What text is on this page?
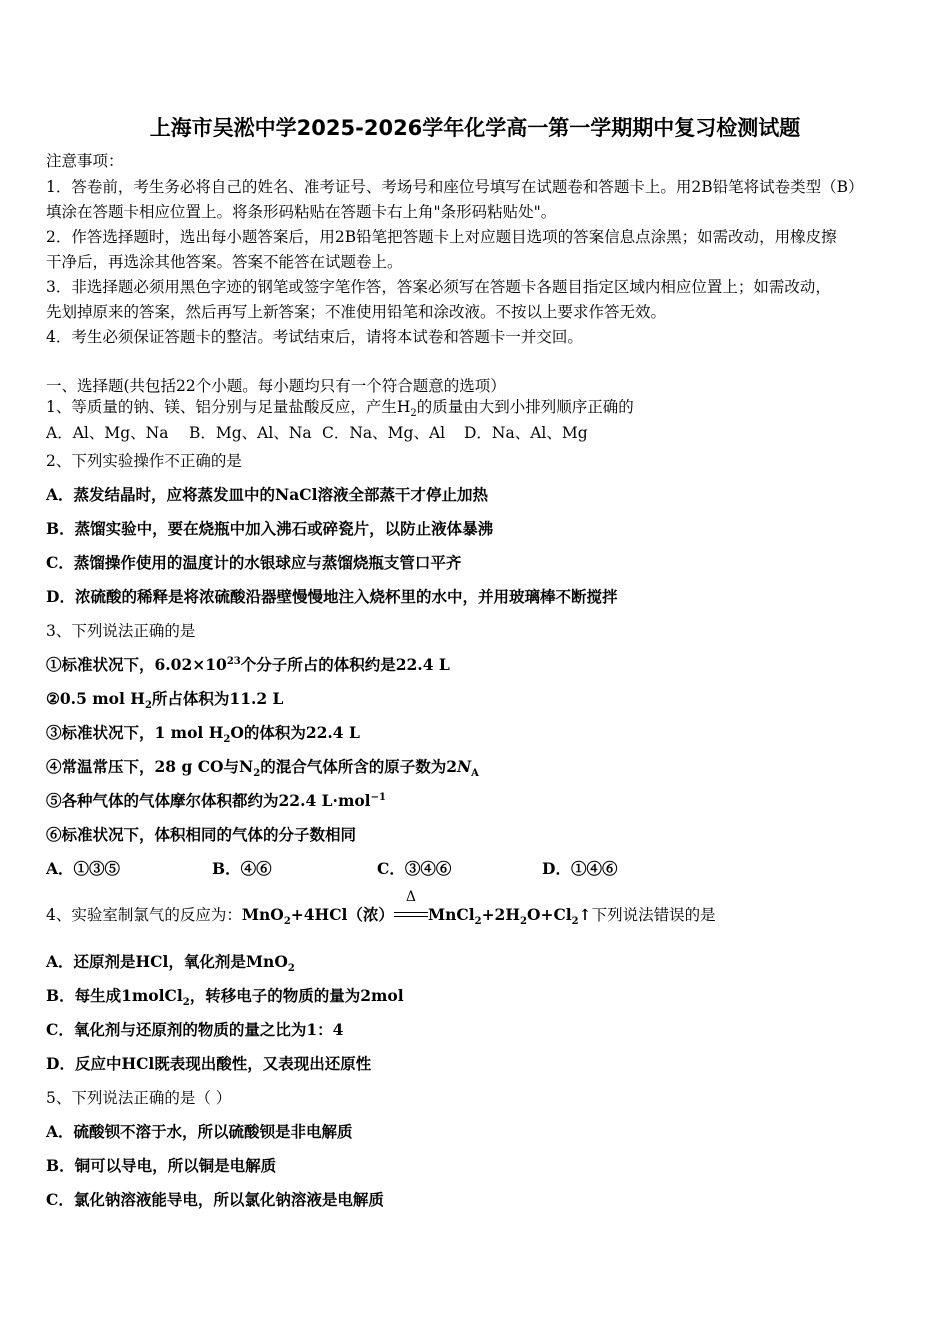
上海市吴淞中学2025-2026学年化学高一第一学期期中复习检测试题
注意事项：
1．答卷前，考生务必将自己的姓名、准考证号、考场号和座位号填写在试题卷和答题卡上。用2B铅笔将试卷类型（B）
填涂在答题卡相应位置上。将条形码粘贴在答题卡右上角"条形码粘贴处"。
2．作答选择题时，选出每小题答案后，用2B铅笔把答题卡上对应题目选项的答案信息点涂黑；如需改动，用橡皮擦
干净后，再选涂其他答案。答案不能答在试题卷上。
3．非选择题必须用黑色字迹的钢笔或签字笔作答，答案必须写在答题卡各题目指定区域内相应位置上；如需改动，
先划掉原来的答案，然后再写上新答案；不准使用铅笔和涂改液。不按以上要求作答无效。
4．考生必须保证答题卡的整洁。考试结束后，请将本试卷和答题卡一并交回。
一、选择题(共包括22个小题。每小题均只有一个符合题意的选项）
1、等质量的钠、镁、铝分别与足量盐酸反应，产生$H_2$的质量由大到小排列顺序正确的
A．Al、Mg、Na B．Mg、Al、Na C．Na、Mg、Al D．Na、Al、Mg
2、下列实验操作不正确的是
A．蒸发结晶时，应将蒸发皿中的NaCl溶液全部蒸干才停止加热
B．蒸馏实验中，要在烧瓶中加入沸石或碎瓷片，以防止液体暴沸
C．蒸馏操作使用的温度计的水银球应与蒸馏烧瓶支管口平齐
D．浓硫酸的稀释是将浓硫酸沿器壁慢慢地注入烧杯里的水中，并用玻璃棒不断搅拌
3、下列说法正确的是
①标准状况下，$6.02\times 10^{23}$个分子所占的体积约是22.4 L
②0.5 mol $H_2$所占体积为11.2 L
③标准状况下，1 mol $H_2O$的体积为22.4 L
④常温常压下，28 g CO与$N_2$的混合气体所含的原子数为$2N_A$
⑤各种气体的气体摩尔体积都约为22.4 L·mol$^{-1}$
⑥标准状况下，体积相同的气体的分子数相同
A．①③⑤	B．④⑥	C．③④⑥	D．①④⑥
4、实验室制氯气的反应为：MnO$_2$+4HCl（浓）
Δ
$MnCl_2+2H_2O+Cl_2↑$下列说法错误的是
A．还原剂是HCl，氧化剂是MnO$_2$
B．每生成1molCl$_2$，转移电子的物质的量为2mol
C．氧化剂与还原剂的物质的量之比为1：4
D．反应中HCl既表现出酸性，又表现出还原性
5、下列说法正确的是（ ）
A．硫酸钡不溶于水，所以硫酸钡是非电解质
B．铜可以导电，所以铜是电解质
C．氯化钠溶液能导电，所以氯化钠溶液是电解质
